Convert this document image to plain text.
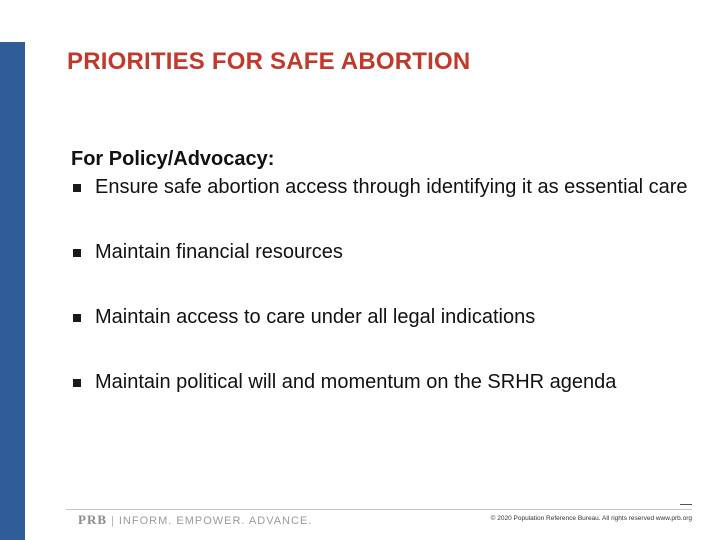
PRIORITIES FOR SAFE ABORTION
For Policy/Advocacy:
Ensure safe abortion access through identifying it as essential care
Maintain financial resources
Maintain access to care under all legal indications
Maintain political will and momentum on the SRHR agenda
PRB | INFORM. EMPOWER. ADVANCE.	© 2020 Population Reference Bureau. All rights reserved www.prb.org
